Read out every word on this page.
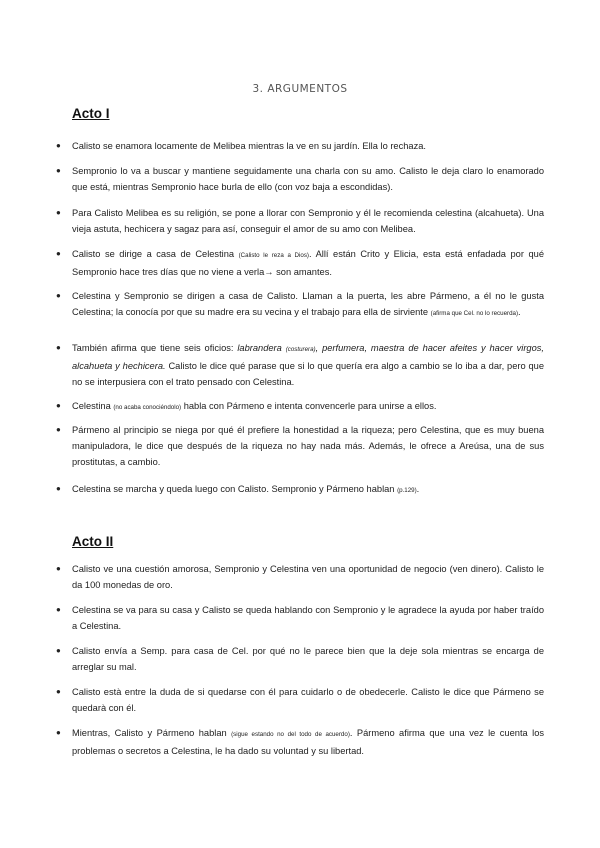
3. ARGUMENTOS
Acto I
● Calisto se enamora locamente de Melibea mientras la ve en su jardín. Ella lo rechaza.
● Sempronio lo va a buscar y mantiene seguidamente una charla con su amo. Calisto le deja claro lo enamorado que está, mientras Sempronio hace burla de ello (con voz baja a escondidas).
● Para Calisto Melibea es su religión, se pone a llorar con Sempronio y él le recomienda celestina (alcahueta). Una vieja astuta, hechicera y sagaz para así, conseguir el amor de su amo con Melibea.
● Calisto se dirige a casa de Celestina (Calisto le reza a Dios). Allí están Crito y Elicia, esta está enfadada por qué Sempronio hace tres días que no viene a verla→ son amantes.
● Celestina y Sempronio se dirigen a casa de Calisto. Llaman a la puerta, les abre Pármeno, a él no le gusta Celestina; la conocía por que su madre era su vecina y el trabajo para ella de sirviente (afirma que Cel. no lo recuerda).
● También afirma que tiene seis oficios: labrandera (costurera), perfumera, maestra de hacer afeites y hacer virgos, alcahueta y hechicera. Calisto le dice qué parase que si lo que quería era algo a cambio se lo iba a dar, pero que no se interpusiera con el trato pensado con Celestina.
● Celestina (no acaba conociéndolo) habla con Pármeno e intenta convencerle para unirse a ellos.
● Pármeno al principio se niega por qué él prefiere la honestidad a la riqueza; pero Celestina, que es muy buena manipuladora, le dice que después de la riqueza no hay nada más. Además, le ofrece a Areúsa, una de sus prostitutas, a cambio.
● Celestina se marcha y queda luego con Calisto. Sempronio y Pármeno hablan (p.129).
Acto II
● Calisto ve una cuestión amorosa, Sempronio y Celestina ven una oportunidad de negocio (ven dinero). Calisto le da 100 monedas de oro.
● Celestina se va para su casa y Calisto se queda hablando con Sempronio y le agradece la ayuda por haber traído a Celestina.
● Calisto envía a Semp. para casa de Cel. por qué no le parece bien que la deje sola mientras se encarga de arreglar su mal.
● Calisto està entre la duda de si quedarse con él para cuidarlo o de obedecerle. Calisto le dice que Pármeno se quedarà con él.
● Mientras, Calisto y Pármeno hablan (sigue estando no del todo de acuerdo). Pármeno afirma que una vez le cuenta los problemas o secretos a Celestina, le ha dado su voluntad y su libertad.
